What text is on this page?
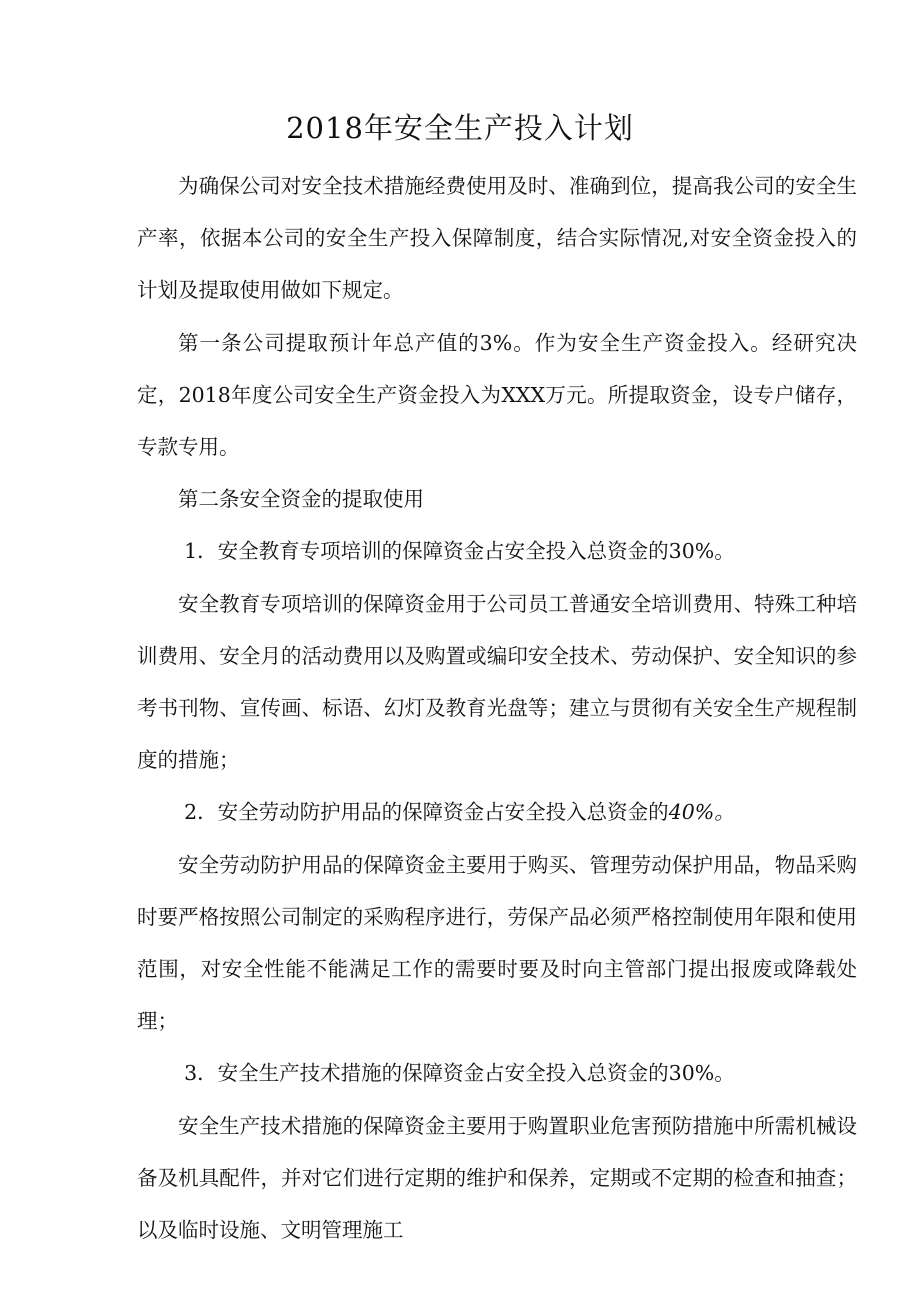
2018年安全生产投入计划

为确保公司对安全技术措施经费使用及时、准确到位，提高我公司的安全生产率，依据本公司的安全生产投入保障制度，结合实际情况,对安全资金投入的计划及提取使用做如下规定。

第一条公司提取预计年总产值的3%。作为安全生产资金投入。经研究决定，2018年度公司安全生产资金投入为XXX万元。所提取资金，设专户储存，专款专用。

第二条安全资金的提取使用

1．安全教育专项培训的保障资金占安全投入总资金的30%。

安全教育专项培训的保障资金用于公司员工普通安全培训费用、特殊工种培训费用、安全月的活动费用以及购置或编印安全技术、劳动保护、安全知识的参考书刊物、宣传画、标语、幻灯及教育光盘等；建立与贯彻有关安全生产规程制度的措施；

2．安全劳动防护用品的保障资金占安全投入总资金的40%。

安全劳动防护用品的保障资金主要用于购买、管理劳动保护用品，物品采购时要严格按照公司制定的采购程序进行，劳保产品必须严格控制使用年限和使用范围，对安全性能不能满足工作的需要时要及时向主管部门提出报废或降载处理；

3．安全生产技术措施的保障资金占安全投入总资金的30%。

安全生产技术措施的保障资金主要用于购置职业危害预防措施中所需机械设备及机具配件，并对它们进行定期的维护和保养，定期或不定期的检查和抽查；以及临时设施、文明管理施工
